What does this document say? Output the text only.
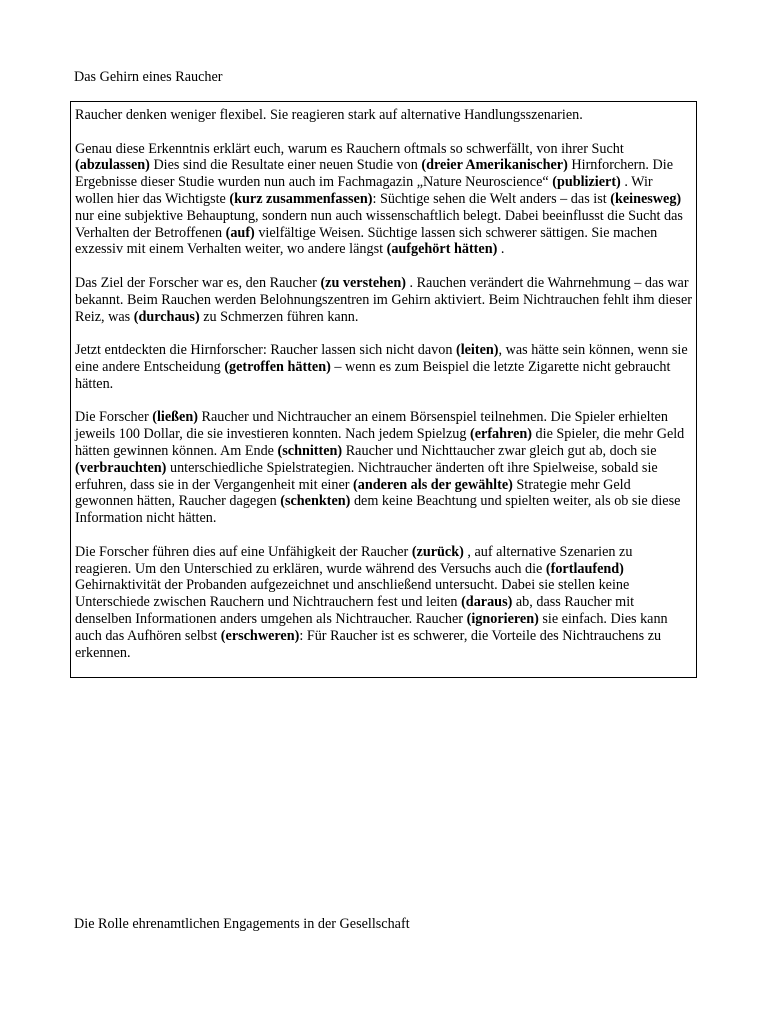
Das Gehirn eines Raucher

Raucher denken weniger flexibel. Sie reagieren stark auf alternative Handlungsszenarien.

Genau diese Erkenntnis erklärt euch, warum es Rauchern oftmals so schwerfällt, von ihrer Sucht (abzulassen) Dies sind die Resultate einer neuen Studie von (dreier Amerikanischer) Hirnforchern. Die Ergebnisse dieser Studie wurden nun auch im Fachmagazin „Nature Neuroscience“ (publiziert) . Wir wollen hier das Wichtigste (kurz zusammenfassen): Süchtige sehen die Welt anders – das ist (keinesweg) nur eine subjektive Behauptung, sondern nun auch wissenschaftlich belegt. Dabei beeinflusst die Sucht das Verhalten der Betroffenen (auf) vielfältige Weisen. Süchtige lassen sich schwerer sättigen. Sie machen exzessiv mit einem Verhalten weiter, wo andere längst (aufgehört hätten) .

Das Ziel der Forscher war es, den Raucher (zu verstehen) . Rauchen verändert die Wahrnehmung – das war bekannt. Beim Rauchen werden Belohnungszentren im Gehirn aktiviert. Beim Nichtrauchen fehlt ihm dieser Reiz, was (durchaus) zu Schmerzen führen kann.

Jetzt entdeckten die Hirnforscher: Raucher lassen sich nicht davon (leiten), was hätte sein können, wenn sie eine andere Entscheidung (getroffen hätten) – wenn es zum Beispiel die letzte Zigarette nicht gebraucht hätten.

Die Forscher (ließen) Raucher und Nichtraucher an einem Börsenspiel teilnehmen. Die Spieler erhielten jeweils 100 Dollar, die sie investieren konnten. Nach jedem Spielzug (erfahren) die Spieler, die mehr Geld hätten gewinnen können. Am Ende (schnitten) Raucher und Nichttaucher zwar gleich gut ab, doch sie (verbrauchten) unterschiedliche Spielstrategien. Nichtraucher änderten oft ihre Spielweise, sobald sie erfuhren, dass sie in der Vergangenheit mit einer (anderen als der gewählte) Strategie mehr Geld gewonnen hätten, Raucher dagegen (schenkten) dem keine Beachtung und spielten weiter, als ob sie diese Information nicht hätten.

Die Forscher führen dies auf eine Unfähigkeit der Raucher (zurück) , auf alternative Szenarien zu reagieren. Um den Unterschied zu erklären, wurde während des Versuchs auch die (fortlaufend) Gehirnaktivität der Probanden aufgezeichnet und anschließend untersucht. Dabei sie stellen keine Unterschiede zwischen Rauchern und Nichtrauchern fest und leiten (daraus) ab, dass Raucher mit denselben Informationen anders umgehen als Nichtraucher. Raucher (ignorieren) sie einfach. Dies kann auch das Aufhören selbst (erschweren): Für Raucher ist es schwerer, die Vorteile des Nichtrauchens zu erkennen.

Die Rolle ehrenamtlichen Engagements in der Gesellschaft
